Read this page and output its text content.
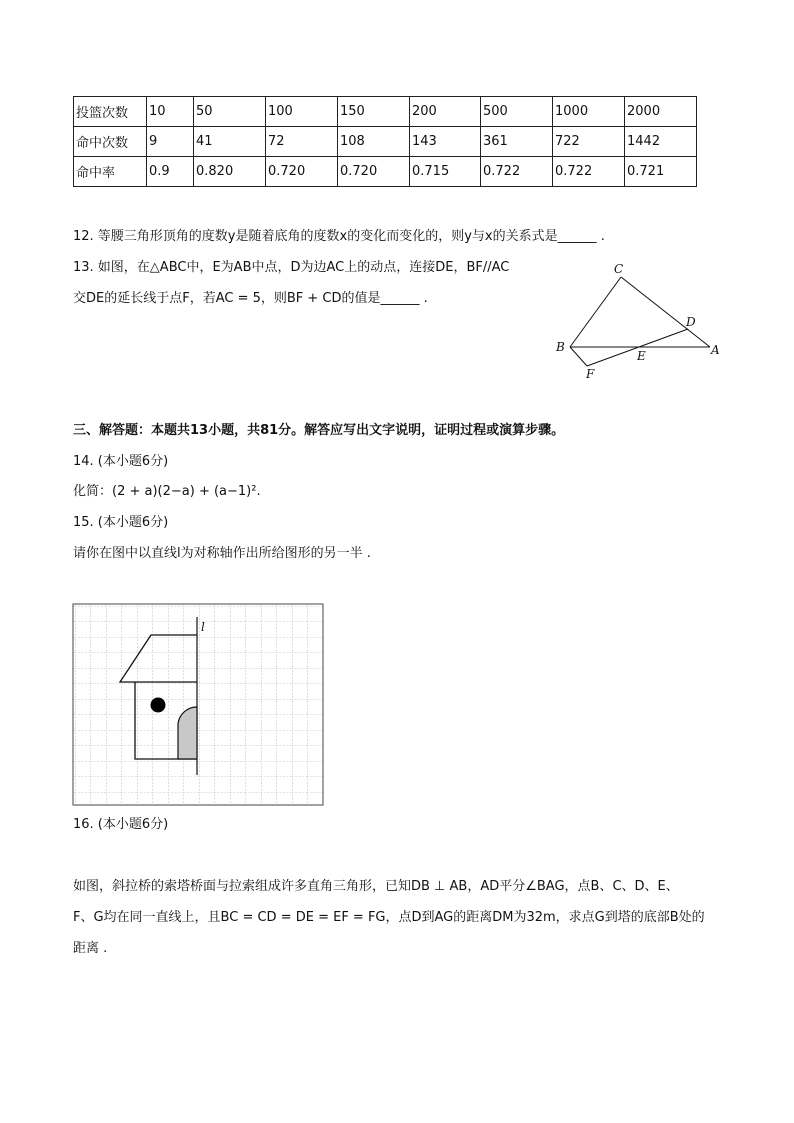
投篮次数	10	50	100	150	200	500	1000	2000
命中次数	9	41	72	108	143	361	722	1442
命中率	0.9	0.820	0.720	0.720	0.715	0.722	0.722	0.721
12. 等腰三角形顶角的度数y是随着底角的度数x的变化而变化的，则y与x的关系式是______ .
13. 如图，在△ABC中，E为AB中点，D为边AC上的动点，连接DE，BF//AC
交DE的延长线于点F，若AC = 5，则BF + CD的值是______ .
C
D
B
E	A
F
三、解答题：本题共13小题，共81分。解答应写出文字说明，证明过程或演算步骤。
14. (本小题6分)
化简：(2 + a)(2−a) + (a−1)².
15. (本小题6分)
请你在图中以直线l为对称轴作出所给图形的另一半 .
l
16. (本小题6分)
如图，斜拉桥的索塔桥面与拉索组成许多直角三角形，已知DB ⊥ AB，AD平分∠BAG，点B、C、D、E、
F、G均在同一直线上，且BC = CD = DE = EF = FG，点D到AG的距离DM为32m，求点G到塔的底部B处的
距离 .
